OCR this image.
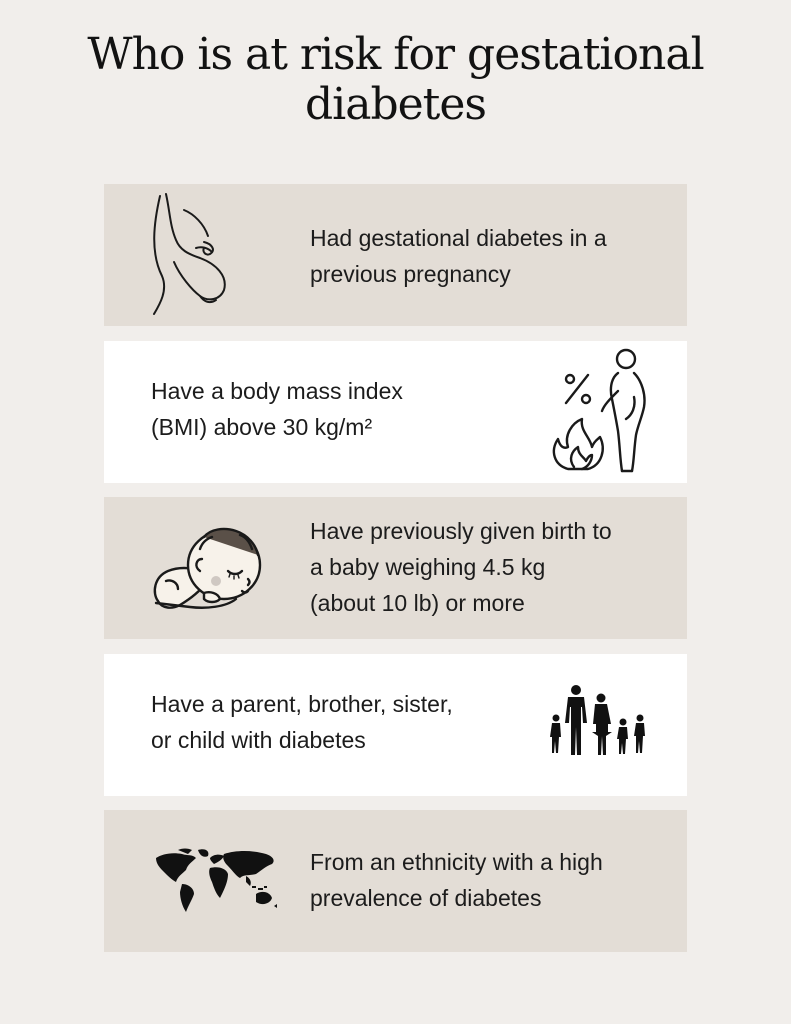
Who is at risk for gestational
diabetes
Had gestational diabetes in a
previous pregnancy
Have a body mass index
(BMI) above 30 kg/m²
Have previously given birth to
a baby weighing 4.5 kg
(about 10 lb) or more
Have a parent, brother, sister,
or child with diabetes
From an ethnicity with a high
prevalence of diabetes
